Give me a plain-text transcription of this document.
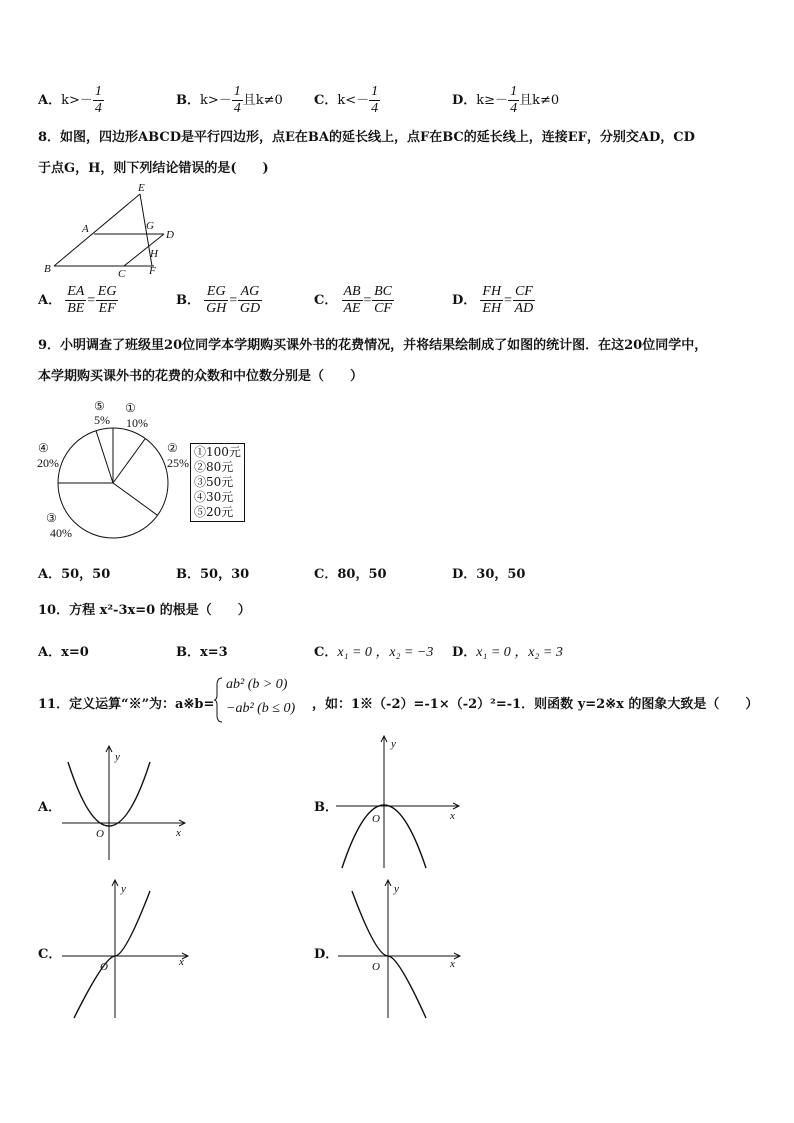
A．$k>- \frac{1}{4}$	B．$k>- \frac{1}{4}$ 且k≠0 C．$k<- \frac{1}{4}$	D．$k\ge- \frac{1}{4}$ 且k≠0
8．如图，四边形ABCD是平行四边形，点E在BA的延长线上，点F在BC的延长线上，连接EF，分别交AD，CD
于点G，H，则下列结论错误的是(　　)
E
A	G
D
H
B	C F
A． $\frac{EA}{BE} = \frac{EG}{EF}$	B． $\frac{EG}{GH} = \frac{AG}{GD}$	C． $\frac{AB}{AE} = \frac{BC}{CF}$	D． $\frac{FH}{EH} = \frac{CF}{AD}$
9．小明调查了班级里20位同学本学期购买课外书的花费情况，并将结果绘制成了如图的统计图．在这20位同学中，
本学期购买课外书的花费的众数和中位数分别是（　　）
⑤
5%
①
10%
②
25%
④
20%
③
40%
①100元
②80元
③50元
④30元
⑤20元
A．50，50	B．50，30	C．80，50	D．30，50
10．方程 x²-3x=0 的根是（　　）
A．x=0	B．x=3	C．x₁ = 0 ，x₂ = −3 D．x₁ = 0 ，x₂ = 3
11．定义运算“※”为：a※b=
ab² (b > 0)
−ab² (b ≤ 0) ，如：1※（-2）=-1×（-2）²=-1．则函数 y=2※x 的图象大致是（　　）
A．
y
x
O
B．
y
x
O
C．
y
x
O
D．
y
x
O
